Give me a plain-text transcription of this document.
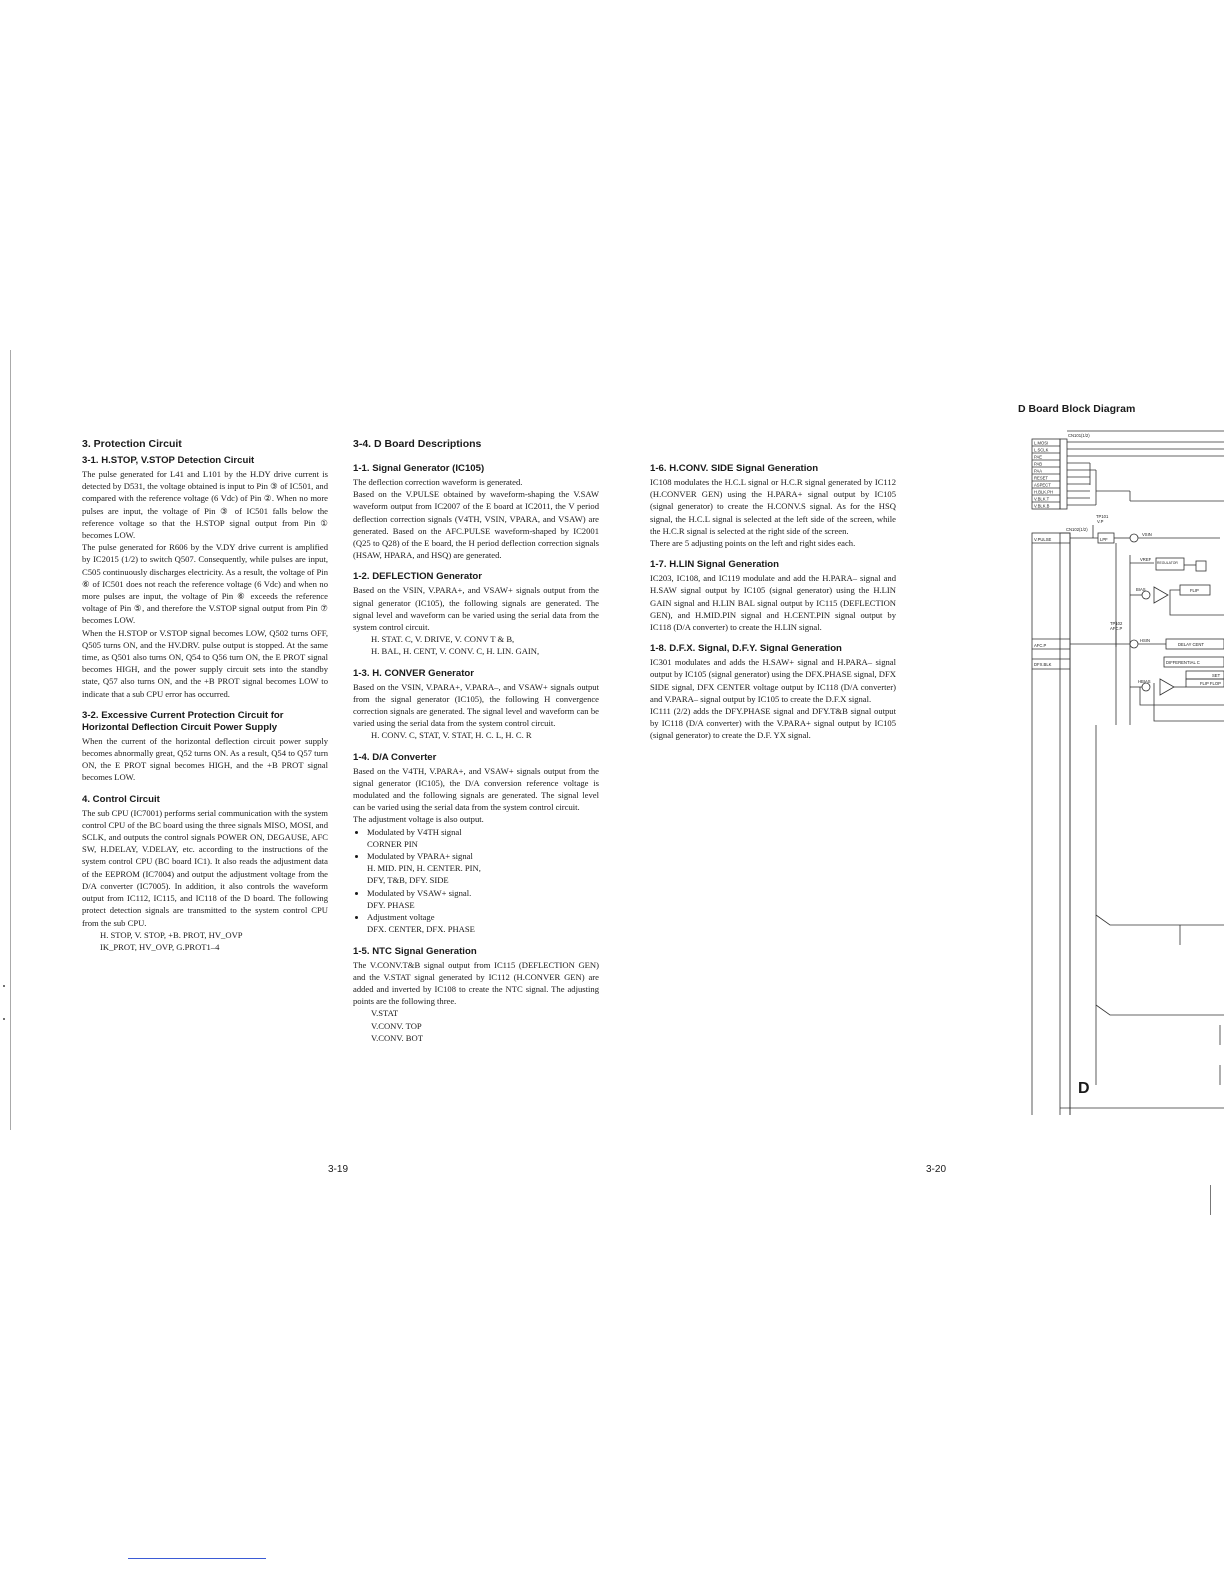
3. Protection Circuit
3-1. H.STOP, V.STOP Detection Circuit

The pulse generated for L41 and L101 by the H.DY drive current is detected by D531, the voltage obtained is input to Pin ③ of IC501, and compared with the reference voltage (6 Vdc) of Pin ②. When no more pulses are input, the voltage of Pin ③ of IC501 falls below the reference voltage so that the H.STOP signal output from Pin ① becomes LOW.

The pulse generated for R606 by the V.DY drive current is amplified by IC2015 (1/2) to switch Q507. Consequently, while pulses are input, C505 continuously discharges electricity. As a result, the voltage of Pin ⑥ of IC501 does not reach the reference voltage (6 Vdc) and when no more pulses are input, the voltage of Pin ⑥ exceeds the reference voltage of Pin ⑤, and therefore the V.STOP signal output from Pin ⑦ becomes LOW.

When the H.STOP or V.STOP signal becomes LOW, Q502 turns OFF, Q505 turns ON, and the HV.DRV. pulse output is stopped. At the same time, as Q501 also turns ON, Q54 to Q56 turn ON, the E PROT signal becomes HIGH, and the power supply circuit sets into the standby state, Q57 also turns ON, and the +B PROT signal becomes LOW to indicate that a sub CPU error has occurred.

3-2. Excessive Current Protection Circuit for Horizontal Deflection Circuit Power Supply

When the current of the horizontal deflection circuit power supply becomes abnormally great, Q52 turns ON. As a result, Q54 to Q57 turn ON, the E PROT signal becomes HIGH, and the +B PROT signal becomes LOW.

4. Control Circuit

The sub CPU (IC7001) performs serial communication with the system control CPU of the BC board using the three signals MISO, MOSI, and SCLK, and outputs the control signals POWER ON, DEGAUSE, AFC SW, H.DELAY, V.DELAY, etc. according to the instructions of the system control CPU (BC board IC1). It also reads the adjustment data of the EEPROM (IC7004) and output the adjustment voltage from the D/A converter (IC7005). In addition, it also controls the waveform output from IC112, IC115, and IC118 of the D board. The following protect detection signals are transmitted to the system control CPU from the sub CPU.

H. STOP, V. STOP, +B. PROT, HV_OVP

IK_PROT, HV_OVP, G.PROT1–4

3-4. D Board Descriptions
1-1. Signal Generator (IC105)

The deflection correction waveform is generated.

Based on the V.PULSE obtained by waveform-shaping the V.SAW waveform output from IC2007 of the E board at IC2011, the V period deflection correction signals (V4TH, VSIN, VPARA, and VSAW) are generated. Based on the AFC.PULSE waveform-shaped by IC2001 (Q25 to Q28) of the E board, the H period deflection correction signals (HSAW, HPARA, and HSQ) are generated.

1-2. DEFLECTION Generator

Based on the VSIN, V.PARA+, and VSAW+ signals output from the signal generator (IC105), the following signals are generated. The signal level and waveform can be varied using the serial data from the system control circuit.

H. STAT. C, V. DRIVE, V. CONV T & B,

H. BAL, H. CENT, V. CONV. C, H. LIN. GAIN,

1-3. H. CONVER Generator

Based on the VSIN, V.PARA+, V.PARA–, and VSAW+ signals output from the signal generator (IC105), the following H convergence correction signals are generated. The signal level and waveform can be varied using the serial data from the system control circuit.

H. CONV. C, STAT, V. STAT, H. C. L, H. C. R

1-4. D/A Converter

Based on the V4TH, V.PARA+, and VSAW+ signals output from the signal generator (IC105), the D/A conversion reference voltage is modulated and the following signals are generated. The signal level can be varied using the serial data from the system control circuit.

The adjustment voltage is also output.

• Modulated by V4TH signal
CORNER PIN
• Modulated by VPARA+ signal
H. MID. PIN, H. CENTER. PIN,
DFY, T&B, DFY. SIDE
• Modulated by VSAW+ signal.
DFY. PHASE
• Adjustment voltage
DFX. CENTER, DFX. PHASE
1-5. NTC Signal Generation

The V.CONV.T&B signal output from IC115 (DEFLECTION GEN) and the V.STAT signal generated by IC112 (H.CONVER GEN) are added and inverted by IC108 to create the NTC signal. The adjusting points are the following three.

V.STAT

V.CONV. TOP

V.CONV. BOT

1-6. H.CONV. SIDE Signal Generation

IC108 modulates the H.C.L signal or H.C.R signal generated by IC112 (H.CONVER GEN) using the H.PARA+ signal output by IC105 (signal generator) to create the H.CONV.S signal. As for the HSQ signal, the H.C.L signal is selected at the left side of the screen, while the H.C.R signal is selected at the right side of the screen.

There are 5 adjusting points on the left and right sides each.

1-7. H.LIN Signal Generation

IC203, IC108, and IC119 modulate and add the H.PARA– signal and H.SAW signal output by IC105 (signal generator) using the H.LIN GAIN signal and H.LIN BAL signal output by IC115 (DEFLECTION GEN), and H.MID.PIN signal and H.CENT.PIN signal output by IC118 (D/A converter) to create the H.LIN signal.

1-8. D.F.X. Signal, D.F.Y. Signal Generation

IC301 modulates and adds the H.SAW+ signal and H.PARA– signal output by IC105 (signal generator) using the DFX.PHASE signal, DFX SIDE signal, DFX CENTER voltage output by IC118 (D/A converter) and V.PARA– signal output by IC105 to create the D.F.X signal.

IC111 (2/2) adds the DFY.PHASE signal and DFY.T&B signal output by IC118 (D/A converter) with the V.PARA+ signal output by IC105 (signal generator) to create the D.F. YX signal.

3-19	3-20
D Board Block Diagram
CN101(1/2)
L.MOSI
L.SCLK
PAE
PAB
PAA
RESET
ASPECT
H.BLK.PH
V.BLK.T
V.BLK.B
CN102(1/2)
TP101
V.P
V.PULSE	LPF
VSIN
VREF
REGULATOR
FLIP
BIAS
TP102
AFC.P
AFC.P
HSIN
DELAY CENT
DFX.BLK	DIFFERENTIAL C
SET
FLIP FLOP
HBIAS
D
